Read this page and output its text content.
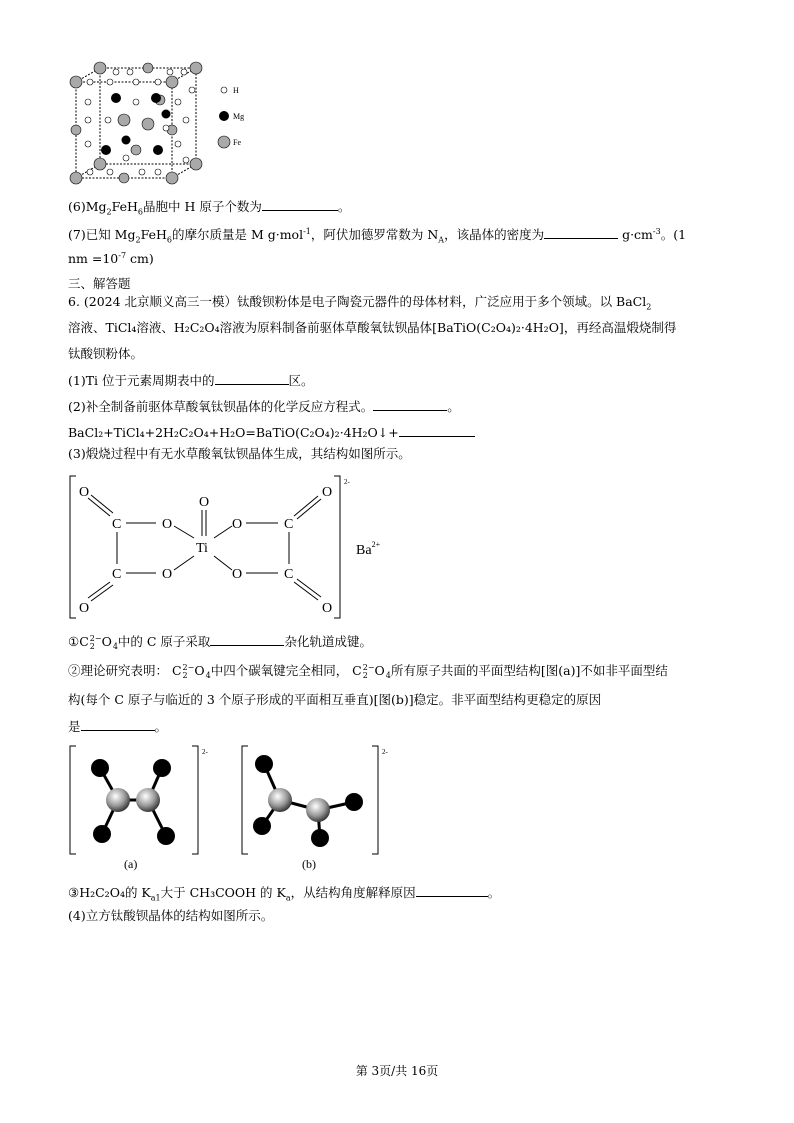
H
Mg
Fe
$(6)Mg_2FeH_6$晶胞中 H 原子个数为	。
(7)已知 $Mg_2FeH_6$的摩尔质量是 M g·mol$^{-1}$，阿伏加德罗常数为 $N_A$，该晶体的密度为	$g\cdot cm^{-3}$。(1
nm $=10^{-7}$ cm)
三、解答题
6. (2024 北京顺义高三一模）钛酸钡粉体是电子陶瓷元器件的母体材料，广泛应用于多个领域。以 BaCl$_2$
溶液、TiCl₄溶液、H₂C₂O₄溶液为原料制备前驱体草酸氧钛钡晶体[BaTiO(C₂O₄)₂·4H₂O]，再经高温煅烧制得
钛酸钡粉体。
(1)Ti 位于元素周期表中的	区。
(2)补全制备前驱体草酸氧钛钡晶体的化学反应方程式。	。
BaCl₂+TiCl₄+2H₂C₂O₄+H₂O=BaTiO(C₂O₄)₂·4H₂O↓+
(3)煅烧过程中有无水草酸氧钛钡晶体生成，其结构如图所示。
2-
O
C	O
O
Ti
O	C
O
C	O	O	C
O	O
$Ba^{2+}$
①C2−
2 O
4中的 C 原子采取	杂化轨道成键。
②理论研究表明： C2−
2 O
4中四个碳氧键完全相同， C2−
2 O
4所有原子共面的平面型结构[图(a)]不如非平面型结
构(每个 C 原子与临近的 3 个原子形成的平面相互垂直)[图(b)]稳定。非平面型结构更稳定的原因
是	。
2-
(a)
2-
(b)
③H₂C₂O₄的 $K_{a1}$大于 CH₃COOH 的 $K_a$，从结构角度解释原因	。
(4)立方钛酸钡晶体的结构如图所示。
第 3页/共 16页
